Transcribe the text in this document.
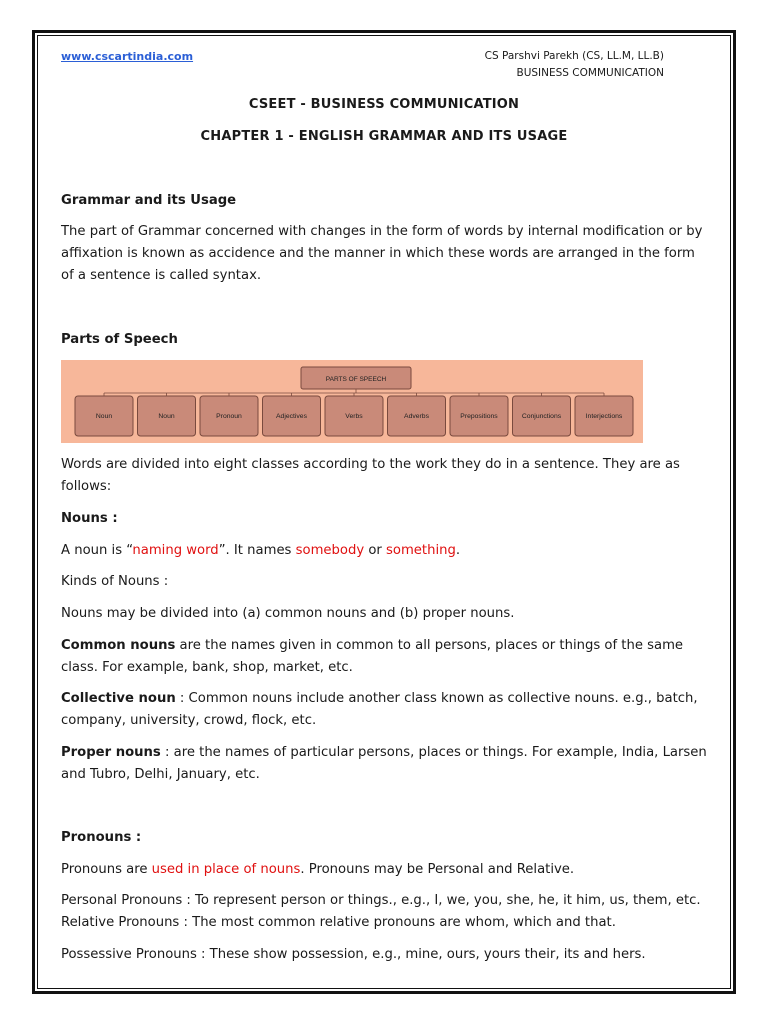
www.cscartindia.com	CS Parshvi Parekh (CS, LL.M, LL.B)
BUSINESS COMMUNICATION
CSEET - BUSINESS COMMUNICATION
CHAPTER 1 - ENGLISH GRAMMAR AND ITS USAGE
Grammar and its Usage
The part of Grammar concerned with changes in the form of words by internal modification or by affixation is known as accidence and the manner in which these words are arranged in the form of a sentence is called syntax.
Parts of Speech
PARTS OF SPEECH
Noun	Noun	Pronoun	Adjectives	Verbs	Adverbs	Prepositions	Conjunctions	Interjections
Words are divided into eight classes according to the work they do in a sentence. They are as follows:
Nouns :
A noun is “naming word”. It names somebody or something.
Kinds of Nouns :
Nouns may be divided into (a) common nouns and (b) proper nouns.
Common nouns are the names given in common to all persons, places or things of the same class. For example, bank, shop, market, etc.
Collective noun : Common nouns include another class known as collective nouns. e.g., batch, company, university, crowd, flock, etc.
Proper nouns : are the names of particular persons, places or things. For example, India, Larsen and Tubro, Delhi, January, etc.
Pronouns :
Pronouns are used in place of nouns. Pronouns may be Personal and Relative.
Personal Pronouns : To represent person or things., e.g., I, we, you, she, he, it him, us, them, etc. Relative Pronouns : The most common relative pronouns are whom, which and that.
Possessive Pronouns : These show possession, e.g., mine, ours, yours their, its and hers.
